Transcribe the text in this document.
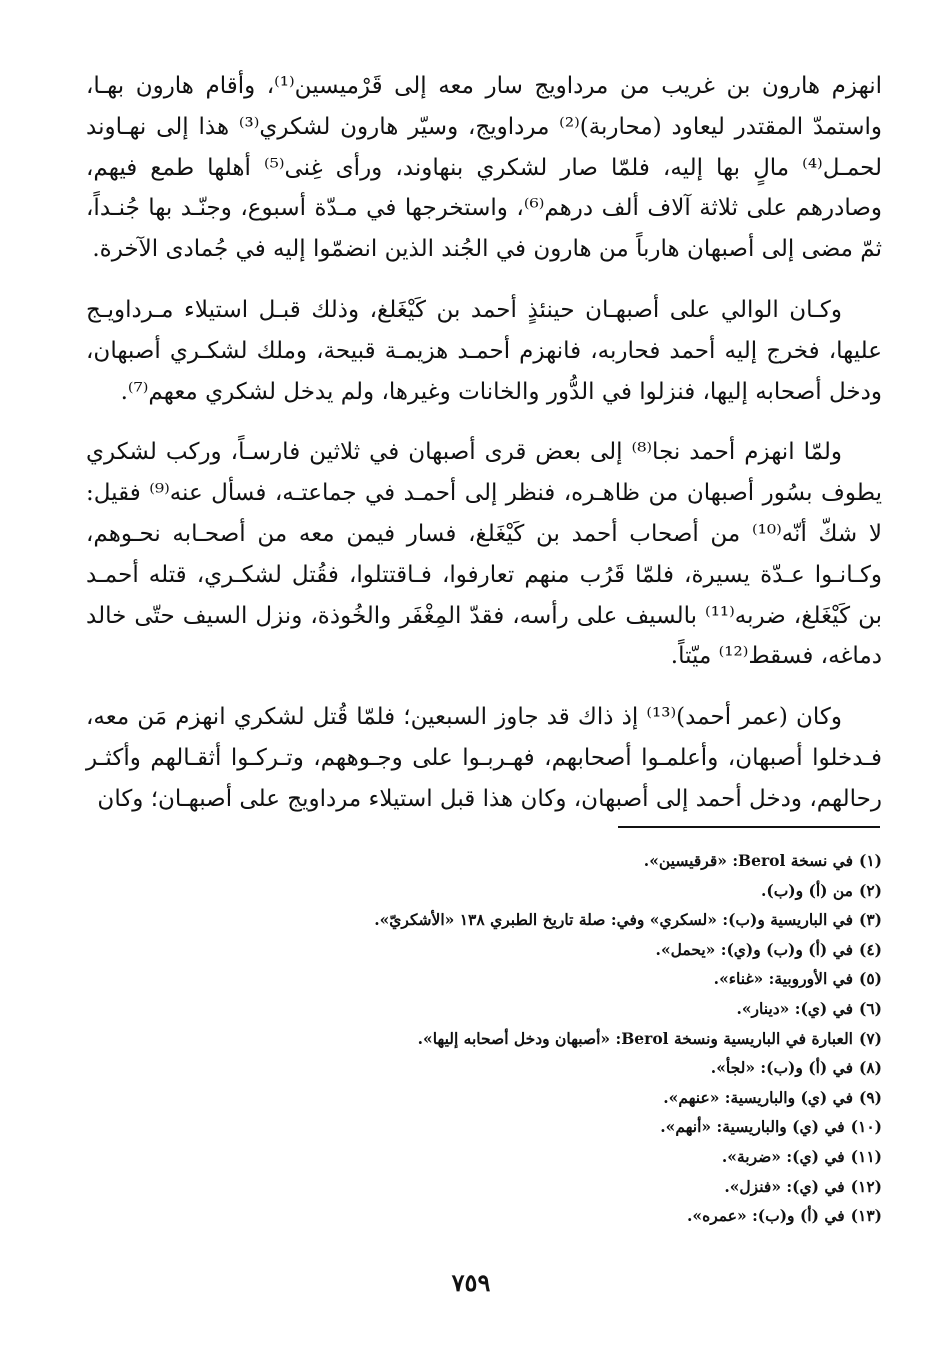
انهزم هارون بن غريب من مرداويج سار معه إلى قَرْميسين⁽¹⁾، وأقام هارون بهـا، واستمدّ المقتدر ليعاود (محاربة)⁽²⁾ مرداويج، وسيّر هارون لشكري⁽³⁾ هذا إلى نهـاوند لحمـل⁽⁴⁾ مالٍ بها إليه، فلمّا صار لشكري بنهاوند، ورأى غِنى⁽⁵⁾ أهلها طمع فيهم، وصادرهم على ثلاثة آلاف ألف درهم⁽⁶⁾، واستخرجها في مـدّة أسبوع، وجنّـد بها جُنـداً، ثمّ مضى إلى أصبهان هارباً من هارون في الجُند الذين انضمّوا إليه في جُمادى الآخرة.

وكـان الوالي على أصبهـان حينئذٍ أحمد بن كَيْغَلغ، وذلك قبـل استيلاء مـرداويـج عليها، فخرج إليه أحمد فحاربه، فانهزم أحمـد هزيمـة قبيحة، وملك لشكـري أصبهان، ودخل أصحابه إليها، فنزلوا في الدُّور والخانات وغيرها، ولم يدخل لشكري معهم⁽⁷⁾.

ولمّا انهزم أحمد نجا⁽⁸⁾ إلى بعض قرى أصبهان في ثلاثين فارسـاً، وركب لشكري يطوف بسُور أصبهان من ظاهـره، فنظر إلى أحمـد في جماعتـه، فسأل عنه⁽⁹⁾ فقيل: لا شكّ أنّه⁽¹⁰⁾ من أصحاب أحمد بن كَيْغَلغ، فسار فيمن معه من أصحـابه نحـوهم، وكـانـوا عـدّة يسيرة، فلمّا قَرُب منهم تعارفوا، فـاقتتلوا، فقُتل لشكـري، قتله أحمـد بن كَيْغَلغ، ضربه⁽¹¹⁾ بالسيف على رأسه، فقدّ المِغْفَر والخُوذة، ونزل السيف حتّى خالد دماغه، فسقط⁽¹²⁾ ميّتاً.

وكان (عمر أحمد)⁽¹³⁾ إذ ذاك قد جاوز السبعين؛ فلمّا قُتل لشكري انهزم مَن معه، فـدخلوا أصبهان، وأعلمـوا أصحابهم، فهـربـوا على وجـوههم، وتـركـوا أثقـالهم وأكثـر رحالهم، ودخل أحمد إلى أصبهان، وكان هذا قبل استيلاء مرداويج على أصبهـان؛ وكان

(١)في نسخة Berol: «قرقيسين».
(٢)من (أ) و(ب).
(٣)في الباريسية و(ب): «لسكري» وفي: صلة تاريخ الطبري ١٣٨ «الأشكريّ».
(٤)في (أ) و(ب) و(ي): «يحمل».
(٥)في الأوروبية: «غناء».
(٦)في (ي): «دينار».
(٧)العبارة في الباريسية ونسخة Berol: «أصبهان ودخل أصحابه إليها».
(٨)في (أ) و(ب): «لجأ».
(٩)في (ي) والباريسية: «عنهم».
(١٠)في (ي) والباريسية: «أنهم».
(١١)في (ي): «ضربة».
(١٢)في (ي): «فنزل».
(١٣)في (أ) و(ب): «عمره».
٧٥٩
